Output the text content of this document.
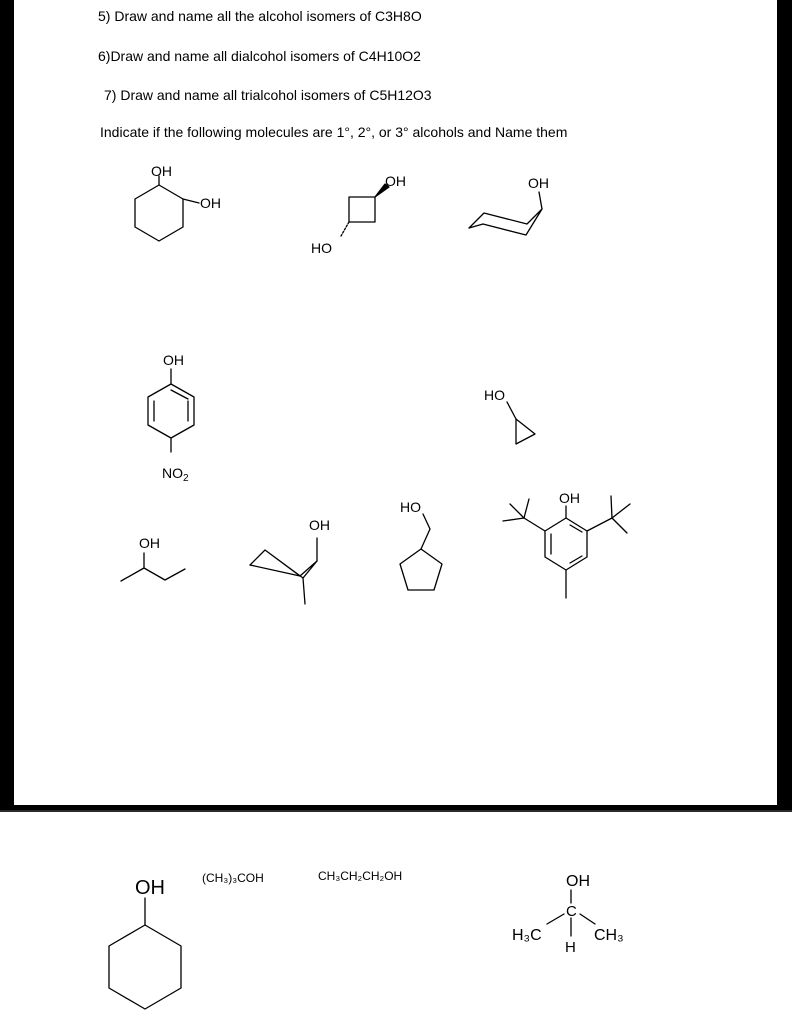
5) Draw and name all the alcohol isomers of C3H8O
6)Draw and name all dialcohol isomers of C4H10O2
7) Draw and name all trialcohol isomers of C5H12O3
Indicate if the following molecules are 1°, 2°, or 3° alcohols and Name them
OH
OH
OH
HO
OH
OH
$NO_2$
HO
OH
OH
HO
OH
OH	(CH₃)₃COH	CH₃CH₂CH₂OH	OH
C
H₃C	CH₃
H
